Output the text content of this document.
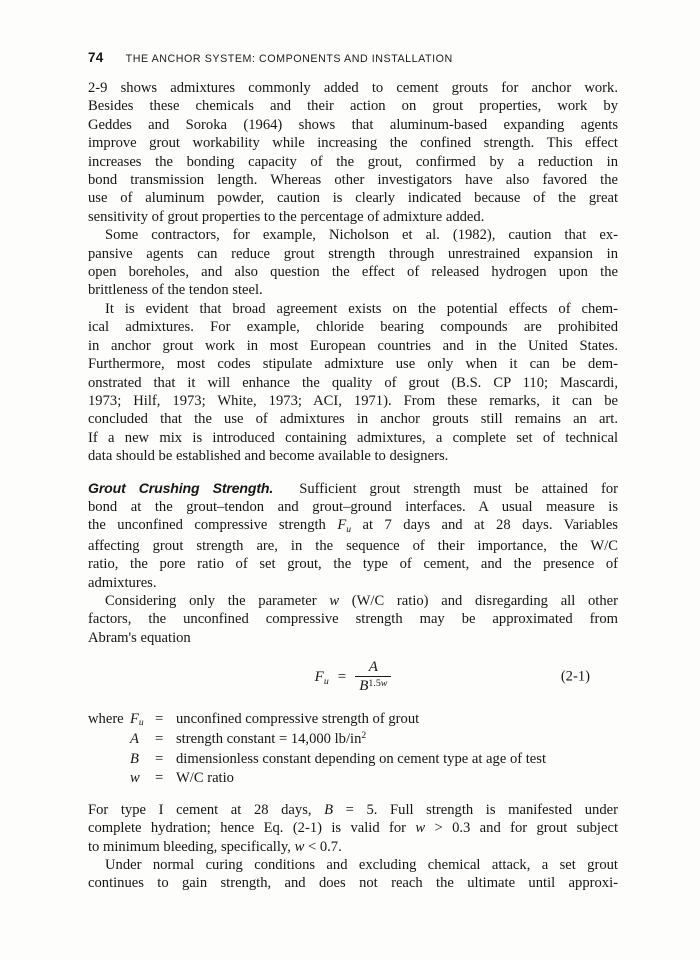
74 THE ANCHOR SYSTEM: COMPONENTS AND INSTALLATION
2-9 shows admixtures commonly added to cement grouts for anchor work.
Besides these chemicals and their action on grout properties, work by
Geddes and Soroka (1964) shows that aluminum-based expanding agents
improve grout workability while increasing the confined strength. This effect
increases the bonding capacity of the grout, confirmed by a reduction in
bond transmission length. Whereas other investigators have also favored the
use of aluminum powder, caution is clearly indicated because of the great
sensitivity of grout properties to the percentage of admixture added.
Some contractors, for example, Nicholson et al. (1982), caution that ex-
pansive agents can reduce grout strength through unrestrained expansion in
open boreholes, and also question the effect of released hydrogen upon the
brittleness of the tendon steel.
It is evident that broad agreement exists on the potential effects of chem-
ical admixtures. For example, chloride bearing compounds are prohibited
in anchor grout work in most European countries and in the United States.
Furthermore, most codes stipulate admixture use only when it can be dem-
onstrated that it will enhance the quality of grout (B.S. CP 110; Mascardi,
1973; Hilf, 1973; White, 1973; ACI, 1971). From these remarks, it can be
concluded that the use of admixtures in anchor grouts still remains an art.
If a new mix is introduced containing admixtures, a complete set of technical
data should be established and become available to designers.
Grout Crushing Strength.  Sufficient grout strength must be attained for
bond at the grout–tendon and grout–ground interfaces. A usual measure is
the unconfined compressive strength $F_u$ at 7 days and at 28 days. Variables
affecting grout strength are, in the sequence of their importance, the W/C
ratio, the pore ratio of set grout, the type of cement, and the presence of
admixtures.
Considering only the parameter w (W/C ratio) and disregarding all other
factors, the unconfined compressive strength may be approximated from
Abram's equation
$F_u = \frac{A}{B^{1.5w}}$	(2-1)
where $F_u$ = unconfined compressive strength of grout
A	= strength constant = 14,000 $lb/in^2$
B	= dimensionless constant depending on cement type at age of test
w	= W/C ratio
For type I cement at 28 days, B = 5. Full strength is manifested under
complete hydration; hence Eq. (2-1) is valid for w > 0.3 and for grout subject
to minimum bleeding, specifically, w < 0.7.
Under normal curing conditions and excluding chemical attack, a set grout
continues to gain strength, and does not reach the ultimate until approxi-
